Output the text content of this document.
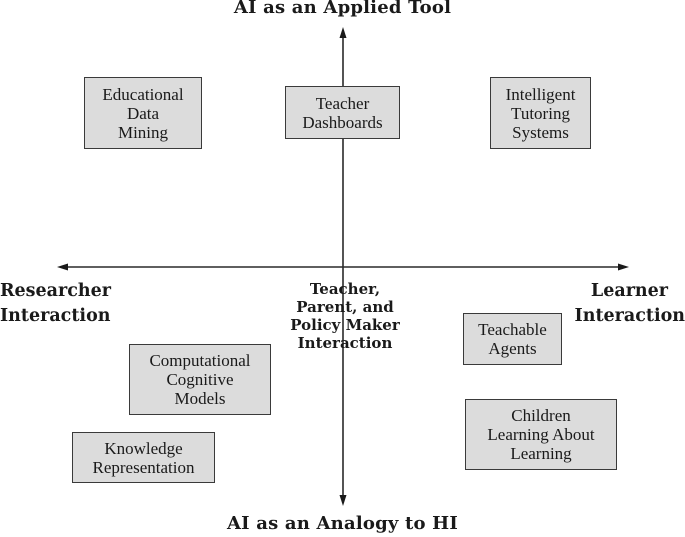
AI as an Applied Tool
AI as an Analogy to HI
Researcher
Interaction
Learner
Interaction
Teacher,
Parent, and
Policy Maker
Interaction
Educational
Data
Mining
Teacher
Dashboards
Intelligent
Tutoring
Systems
Teachable
Agents
Computational
Cognitive
Models
Knowledge
Representation
Children
Learning About
Learning
